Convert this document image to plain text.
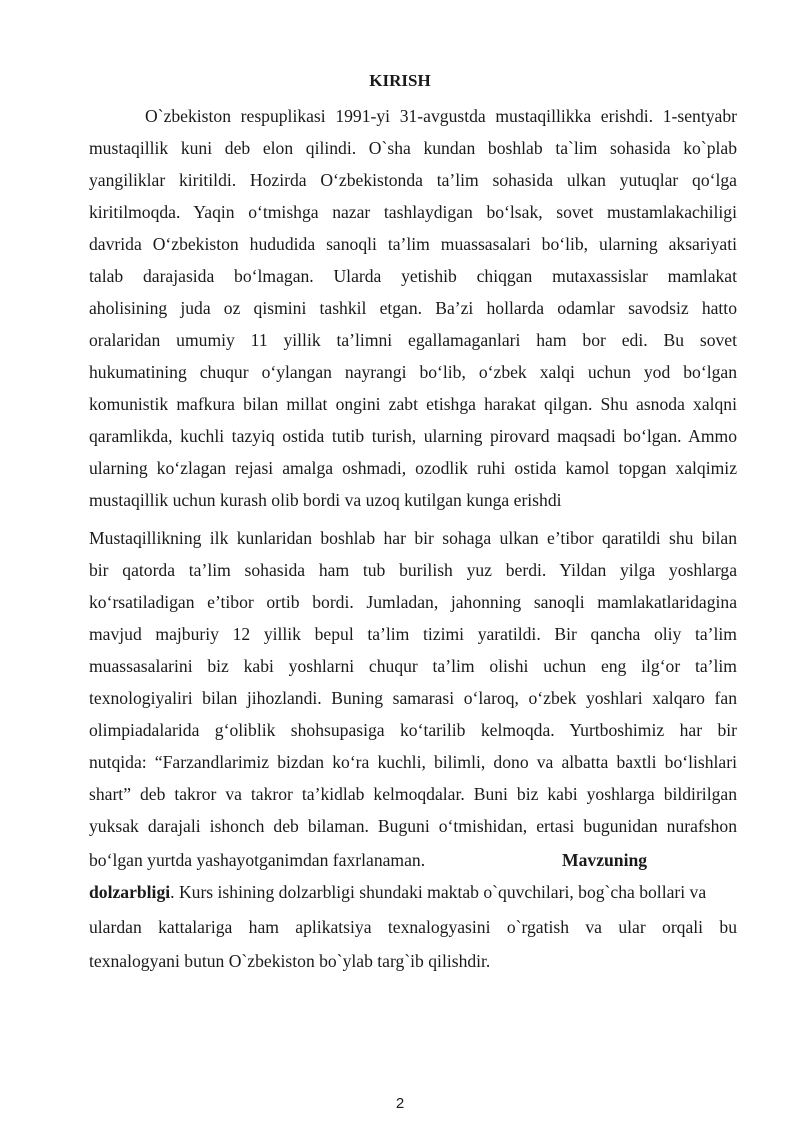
KIRISH
O`zbekiston respuplikasi 1991-yi 31-avgustda mustaqillikka erishdi. 1-sentyabr
mustaqillik kuni deb elon qilindi. O`sha kundan boshlab ta`lim sohasida ko`plab
yangiliklar kiritildi. Hozirda O‘zbekistonda ta’lim sohasida ulkan yutuqlar qo‘lga
kiritilmoqda. Yaqin o‘tmishga nazar tashlaydigan bo‘lsak, sovet mustamlakachiligi
davrida O‘zbekiston hududida sanoqli ta’lim muassasalari bo‘lib, ularning aksariyati
talab darajasida bo‘lmagan. Ularda yetishib chiqgan mutaxassislar mamlakat
aholisining juda oz qismini tashkil etgan. Ba’zi hollarda odamlar savodsiz hatto
oralaridan umumiy 11 yillik ta’limni egallamaganlari ham bor edi. Bu sovet
hukumatining chuqur o‘ylangan nayrangi bo‘lib, o‘zbek xalqi uchun yod bo‘lgan
komunistik mafkura bilan millat ongini zabt etishga harakat qilgan. Shu asnoda xalqni
qaramlikda, kuchli tazyiq ostida tutib turish, ularning pirovard maqsadi bo‘lgan. Ammo
ularning ko‘zlagan rejasi amalga oshmadi, ozodlik ruhi ostida kamol topgan xalqimiz
mustaqillik uchun kurash olib bordi va uzoq kutilgan kunga erishdi
Mustaqillikning ilk kunlaridan boshlab har bir sohaga ulkan e’tibor qaratildi shu bilan
bir qatorda ta’lim sohasida ham tub burilish yuz berdi. Yildan yilga yoshlarga
ko‘rsatiladigan e’tibor ortib bordi. Jumladan, jahonning sanoqli mamlakatlaridagina
mavjud majburiy 12 yillik bepul ta’lim tizimi yaratildi. Bir qancha oliy ta’lim
muassasalarini biz kabi yoshlarni chuqur ta’lim olishi uchun eng ilg‘or ta’lim
texnologiyaliri bilan jihozlandi. Buning samarasi o‘laroq, o‘zbek yoshlari xalqaro fan
olimpiadalarida g‘oliblik shohsupasiga ko‘tarilib kelmoqda. Yurtboshimiz har bir
nutqida: “Farzandlarimiz bizdan ko‘ra kuchli, bilimli, dono va albatta baxtli bo‘lishlari
shart” deb takror va takror ta’kidlab kelmoqdalar. Buni biz kabi yoshlarga bildirilgan
yuksak darajali ishonch deb bilaman. Buguni o‘tmishidan, ertasi bugunidan nurafshon
bo‘lgan yurtda yashayotganimdan faxrlanaman.	Mavzuning
dolzarbligi. Kurs ishining dolzarbligi shundaki maktab o`quvchilari, bog`cha bollari va
ulardan kattalariga ham aplikatsiya texnalogyasini o`rgatish va ular orqali bu
texnalogyani butun O`zbekiston bo`ylab targ`ib qilishdir.
2
